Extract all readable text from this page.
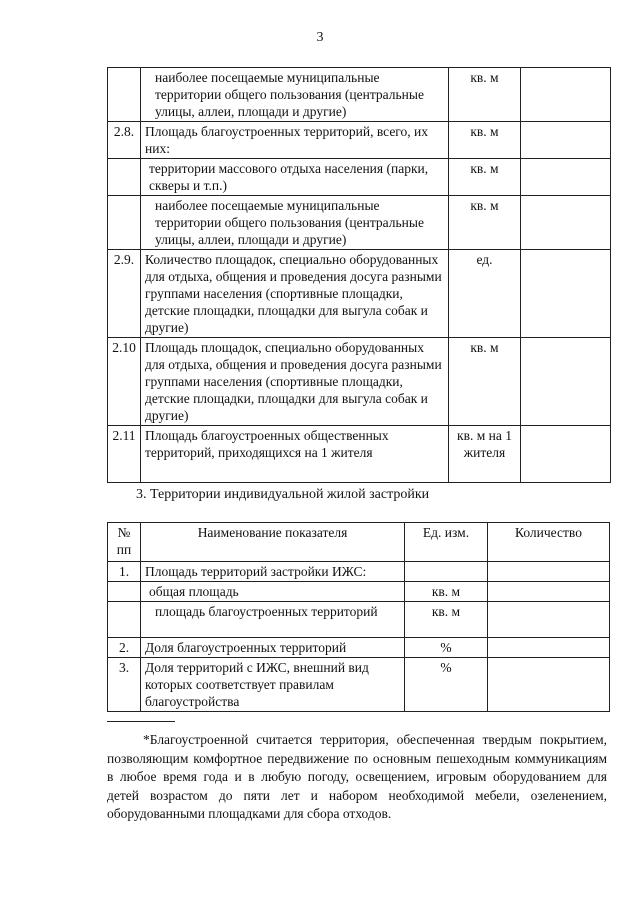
3
	наиболее посещаемые муниципальные территории общего пользования (центральные улицы, аллеи, площади и другие)	кв. м	
2.8.	Площадь благоустроенных территорий, всего, их них:	кв. м	
	территории массового отдыха населения (парки, скверы и т.п.)	кв. м	
	наиболее посещаемые муниципальные территории общего пользования (центральные улицы, аллеи, площади и другие)	кв. м	
2.9.	Количество площадок, специально оборудованных для отдыха, общения и проведения досуга разными группами населения (спортивные площадки, детские площадки, площадки для выгула собак и другие)	ед.	
2.10	Площадь площадок, специально оборудованных для отдыха, общения и проведения досуга разными группами населения (спортивные площадки, детские площадки, площадки для выгула собак и другие)	кв. м	
2.11	Площадь благоустроенных общественных территорий, приходящихся на 1 жителя	кв. м на 1 жителя	

3. Территории индивидуальной жилой застройки

№ пп	Наименование показателя	Ед. изм.	Количество
1.	Площадь территорий застройки ИЖС:		
	общая площадь	кв. м	
	площадь благоустроенных территорий	кв. м	
2.	Доля благоустроенных территорий	%	
3.	Доля территорий с ИЖС, внешний вид которых соответствует правилам благоустройства	%	

*Благоустроенной считается территория, обеспеченная твердым покрытием, позволяющим комфортное передвижение по основным пешеходным коммуникациям в любое время года и в любую погоду, освещением, игровым оборудованием для детей возрастом до пяти лет и набором необходимой мебели, озеленением, оборудованными площадками для сбора отходов.
